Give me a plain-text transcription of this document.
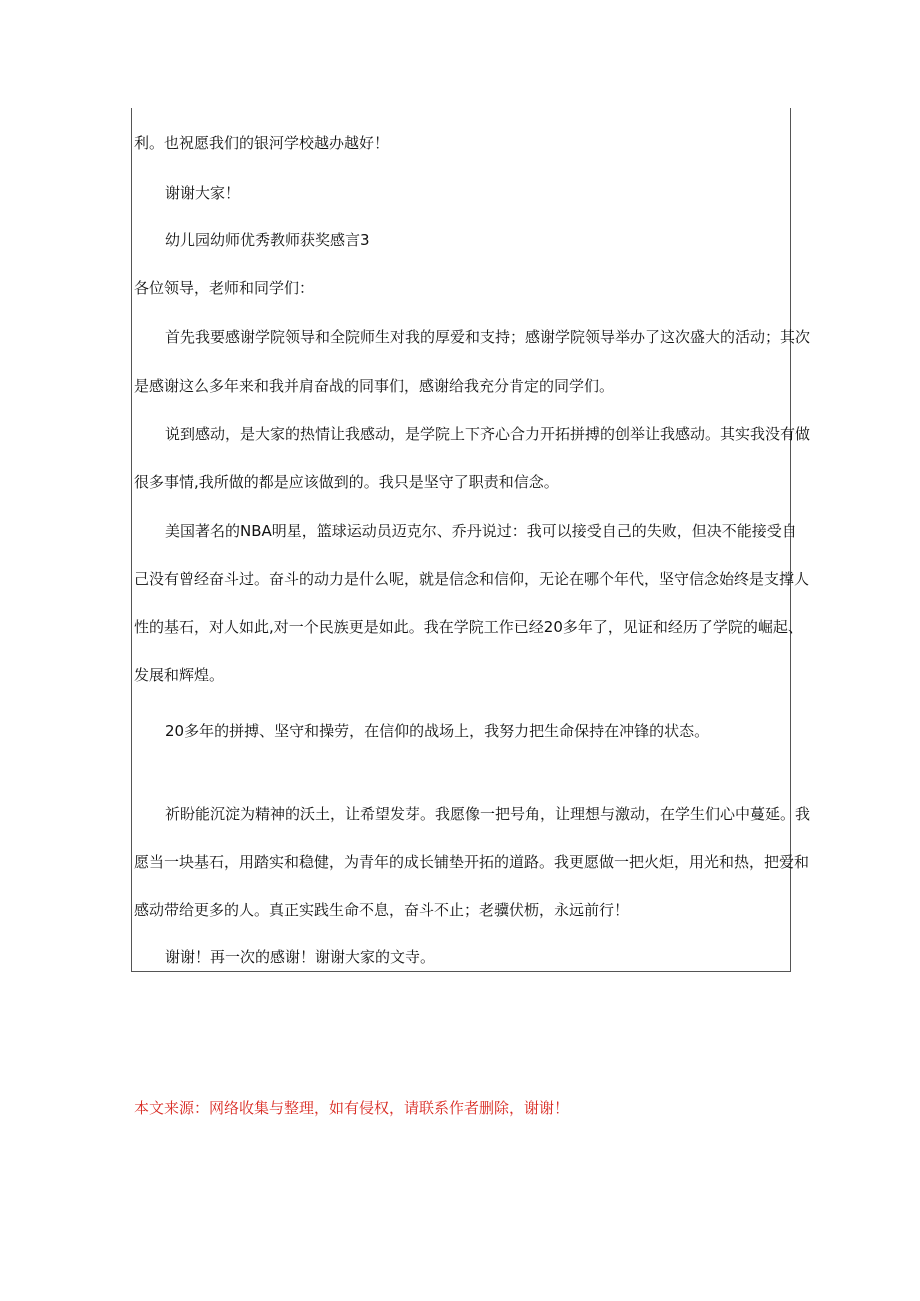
利。也祝愿我们的银河学校越办越好！
谢谢大家！
幼儿园幼师优秀教师获奖感言3
各位领导，老师和同学们：
首先我要感谢学院领导和全院师生对我的厚爱和支持；感谢学院领导举办了这次盛大的活动；其次
是感谢这么多年来和我并肩奋战的同事们，感谢给我充分肯定的同学们。
说到感动，是大家的热情让我感动，是学院上下齐心合力开拓拼搏的创举让我感动。其实我没有做
很多事情,我所做的都是应该做到的。我只是坚守了职责和信念。
美国著名的NBA明星，篮球运动员迈克尔、乔丹说过：我可以接受自己的失败，但决不能接受自
己没有曾经奋斗过。奋斗的动力是什么呢，就是信念和信仰，无论在哪个年代，坚守信念始终是支撑人
性的基石，对人如此,对一个民族更是如此。我在学院工作已经20多年了，见证和经历了学院的崛起、
发展和辉煌。
20多年的拼搏、坚守和操劳，在信仰的战场上，我努力把生命保持在冲锋的状态。
祈盼能沉淀为精神的沃土，让希望发芽。我愿像一把号角，让理想与激动，在学生们心中蔓延。我
愿当一块基石，用踏实和稳健，为青年的成长铺垫开拓的道路。我更愿做一把火炬，用光和热，把爱和
感动带给更多的人。真正实践生命不息，奋斗不止；老骥伏枥，永远前行！
谢谢！再一次的感谢！谢谢大家的文寺。
本文来源：网络收集与整理，如有侵权，请联系作者删除，谢谢！
